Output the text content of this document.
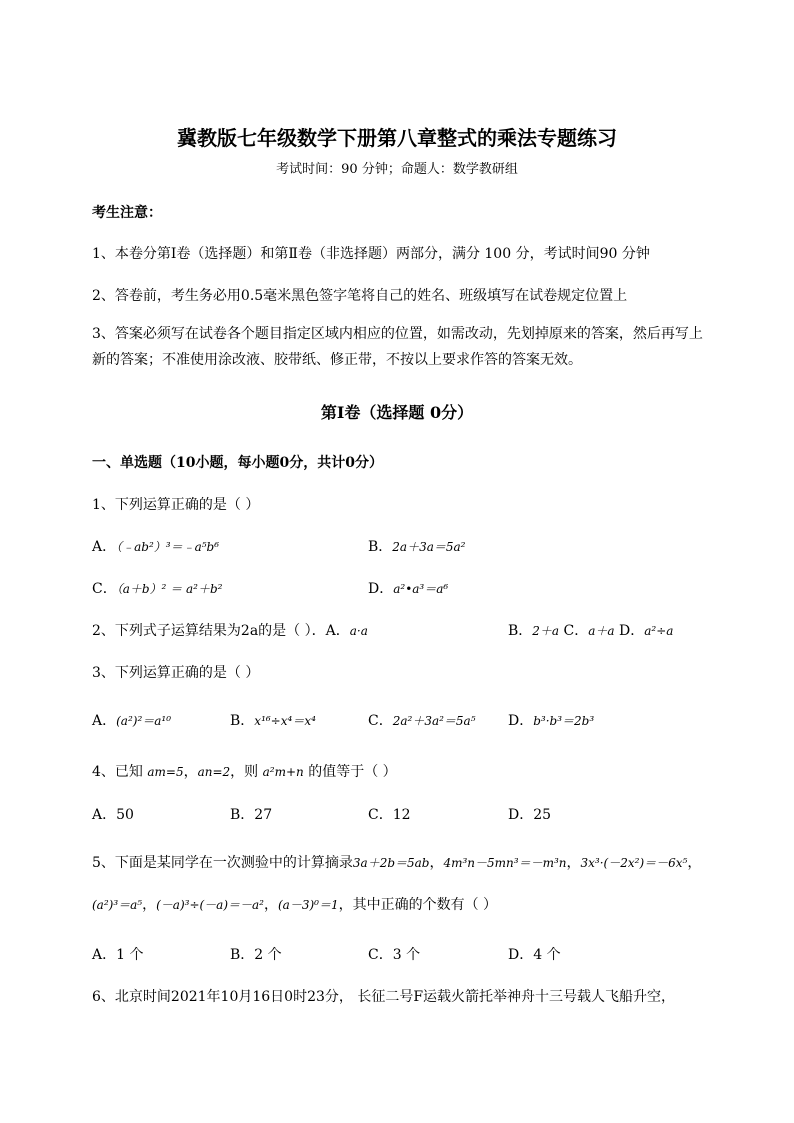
冀教版七年级数学下册第八章整式的乘法专题练习
考试时间：90 分钟；命题人：数学教研组
考生注意：
1、本卷分第Ⅰ卷（选择题）和第Ⅱ卷（非选择题）两部分，满分 100 分，考试时间90 分钟
2、答卷前，考生务必用0.5毫米黑色签字笔将自己的姓名、班级填写在试卷规定位置上
3、答案必须写在试卷各个题目指定区域内相应的位置，如需改动，先划掉原来的答案，然后再写上新的答案；不准使用涂改液、胶带纸、修正带，不按以上要求作答的答案无效。
第Ⅰ卷（选择题 0分）
一、单选题（10小题，每小题0分，共计0分）
1、下列运算正确的是（ ）
A．（﹣ab²）³＝﹣a⁵b⁶	B．2a＋3a＝5a²
C．（a＋b）² ＝ a²＋b²	D．a²•a³＝a⁶
2、下列式子运算结果为2a的是（ ）．A．a·a	B．2＋a C．a＋a D．a²÷a
3、下列运算正确的是（ ）
A．(a²)²＝a¹⁰	B．x¹⁶÷x⁴＝x⁴	C．2a²＋3a²＝5a⁵ D．b³·b³＝2b³
4、已知 am=5，an=2，则 a²m+n 的值等于（ ）
A．50	B．27	C．12	D．25
5、下面是某同学在一次测验中的计算摘录3a＋2b＝5ab，4m³n－5mn³＝－m³n，3x³·(－2x²)＝－6x⁵，
(a²)³＝a⁵，(－a)³÷(－a)＝－a²，(a－3)⁰＝1，其中正确的个数有（ ）
A．1 个	B．2 个	C．3 个	D．4 个
6、北京时间2021年10月16日0时23分， 长征二号F运载火箭托举神舟十三号载人飞船升空，
